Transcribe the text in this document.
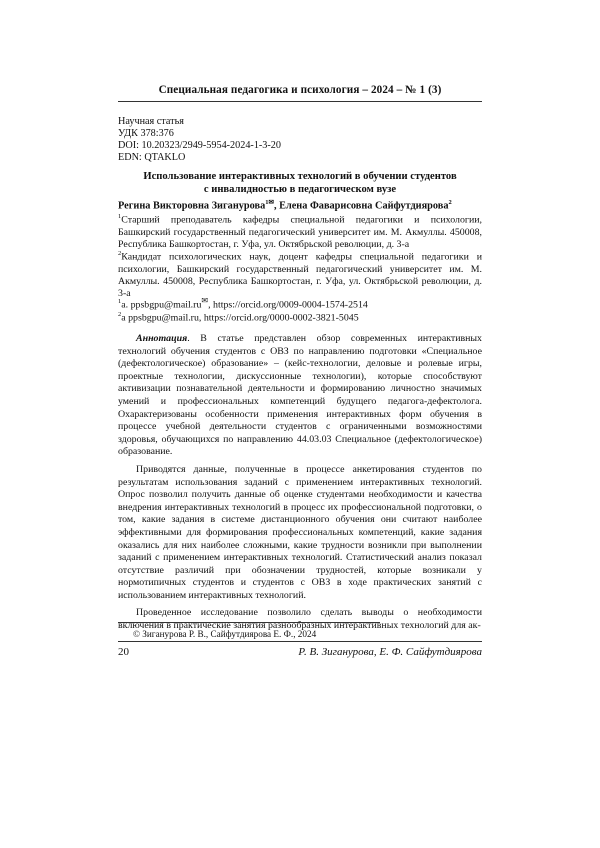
Специальная педагогика и психология – 2024 – № 1 (3)
Научная статья
УДК 378:376
DOI: 10.20323/2949-5954-2024-1-3-20
EDN: QTAKLO
Использование интерактивных технологий в обучении студентов
с инвалидностью в педагогическом вузе
Регина Викторовна Зиганурова$^{1✉}$, Елена Фаварисовна Сайфутдиярова$^2$
$^1$Старший преподаватель кафедры специальной педагогики и психологии, Башкирский государственный педагогический университет им. М. Акмуллы. 450008, Республика Башкортостан, г. Уфа, ул. Октябрьской революции, д. 3-а
$^2$Кандидат психологических наук, доцент кафедры специальной педагогики и психологии, Башкирский государственный педагогический университет им. М. Акмуллы. 450008, Республика Башкортостан, г. Уфа, ул. Октябрьской революции, д. 3-а
$^1$a. ppsbgpu@mail.ru✉, https://orcid.org/0009-0004-1574-2514
$^2$a ppsbgpu@mail.ru, https://orcid.org/0000-0002-3821-5045

Аннотация. В статье представлен обзор современных интерактивных технологий обучения студентов с ОВЗ по направлению подготовки «Специальное (дефектологическое) образование» – (кейс-технологии, деловые и ролевые игры, проектные технологии, дискуссионные технологии), которые способствуют активизации познавательной деятельности и формированию личностно значимых умений и профессиональных компетенций будущего педагога-дефектолога. Охарактеризованы особенности применения интерактивных форм обучения в процессе учебной деятельности студентов с ограниченными возможностями здоровья, обучающихся по направлению 44.03.03 Специальное (дефектологическое) образование.

Приводятся данные, полученные в процессе анкетирования студентов по результатам использования заданий с применением интерактивных технологий. Опрос позволил получить данные об оценке студентами необходимости и качества внедрения интерактивных технологий в процесс их профессиональной подготовки, о том, какие задания в системе дистанционного обучения они считают наиболее эффективными для формирования профессиональных компетенций, какие задания оказались для них наиболее сложными, какие трудности возникли при выполнении заданий с применением интерактивных технологий. Статистический анализ показал отсутствие различий при обозначении трудностей, которые возникали у нормотипичных студентов и студентов с ОВЗ в ходе практических занятий с использованием интерактивных технологий.

Проведенное исследование позволило сделать выводы о необходимости включения в практические занятия разнообразных интерактивных технологий для ак-

© Зиганурова Р. В., Сайфутдиярова Е. Ф., 2024
20	Р. В. Зиганурова, Е. Ф. Сайфутдиярова
